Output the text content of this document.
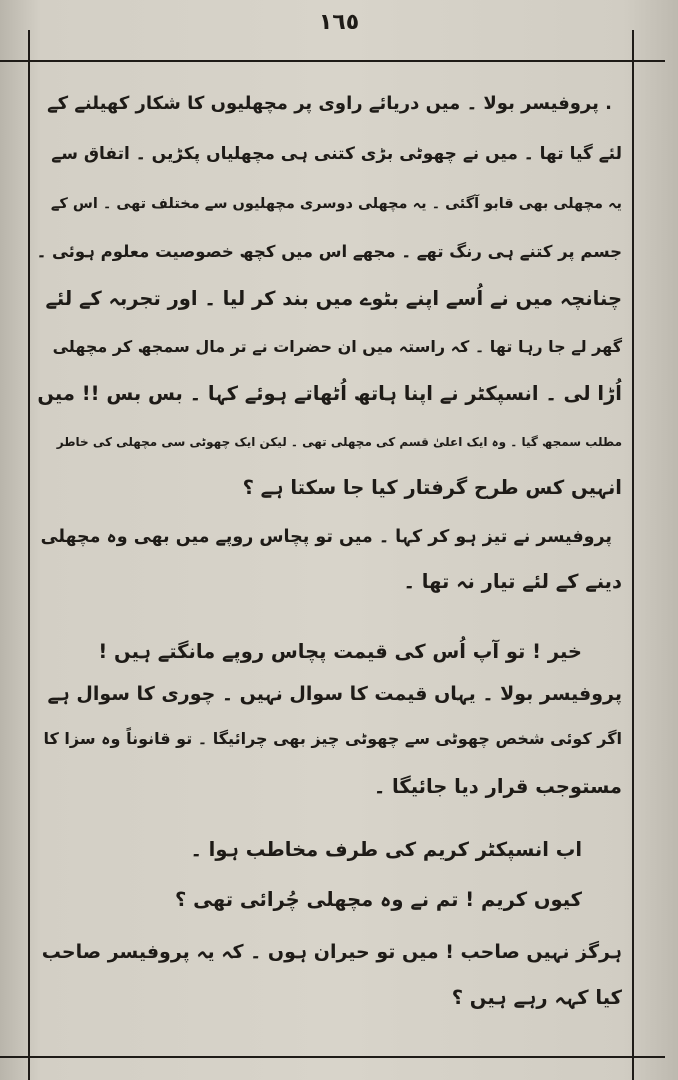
١٦٥
. پروفیسر بولا ۔ میں دریائے راوی پر مچھلیوں کا شکار کھیلنے کے
لئے گیا تھا ۔ میں نے چھوٹی بڑی کتنی ہی مچھلیاں پکڑیں ۔ اتفاق سے
یہ مچھلی بھی قابو آگئی ۔ یہ مچھلی دوسری مچھلیوں سے مختلف تھی ۔ اس کے
جسم پر کتنے ہی رنگ تھے ۔ مجھے اس میں کچھ خصوصیت معلوم ہوئی ۔
چنانچہ میں نے اُسے اپنے بٹوے میں بند کر لیا ۔ اور تجربہ کے لئے
گھر لے جا رہا تھا ۔ کہ راستہ میں ان حضرات نے تر مال سمجھ کر مچھلی
اُڑا لی ۔ انسپکٹر نے اپنا ہاتھ اُٹھاتے ہوئے کہا ۔ بس بس !! میں
مطلب سمجھ گیا ۔ وہ ایک اعلیٰ قسم کی مچھلی تھی ۔ لیکن ایک چھوٹی سی مچھلی کی خاطر
انہیں کس طرح گرفتار کیا جا سکتا ہے ؟
پروفیسر نے تیز ہو کر کہا ۔ میں تو پچاس روپے میں بھی وہ مچھلی
دینے کے لئے تیار نہ تھا ۔
خیر ! تو آپ اُس کی قیمت پچاس روپے مانگتے ہیں !
پروفیسر بولا ۔ یہاں قیمت کا سوال نہیں ۔ چوری کا سوال ہے
اگر کوئی شخص چھوٹی سے چھوٹی چیز بھی چرائیگا ۔ تو قانوناً وہ سزا کا
مستوجب قرار دیا جائیگا ۔
اب انسپکٹر کریم کی طرف مخاطب ہوا ۔
کیوں کریم ! تم نے وہ مچھلی چُرائی تھی ؟
ہرگز نہیں صاحب ! میں تو حیران ہوں ۔ کہ یہ پروفیسر صاحب
کیا کہہ رہے ہیں ؟
